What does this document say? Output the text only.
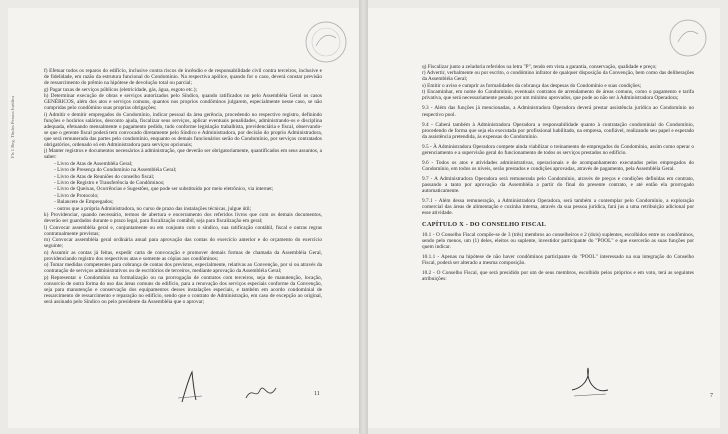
Fls 1 Reg. Títulos Pessoa Jurídica

f) Efetuar todos os reparos do edifício, inclusive contra riscos de incêndio e de responsabilidade civil contra terceiros, inclusive e de fidelidade, em razão da estrutura funcional do Condomínio. Na respectiva apólice, quando for o caso, deverá constar previsão de ressarcimento do prêmio na hipótese de devolução total ou parcial;

g) Pagar taxas de serviços públicos (eletricidade, gás, água, esgoto etc.);

h) Determinar execução de obras e serviços autorizados pelo Síndico, quando ratificados no pelo Assembléia Geral os casos GENÉRICOS, além dos atos e serviços comuns, quantos nos proprios condôminos julgarem, especialmente nesse caso, se não cumpridas pelo condômino suas proprias obrigações;

i) Admitir e demitir empregados do Condomínio, indicar pessoal da área gerência, procedendo no respectivo registro, definindo funções e horários salários, desconto ajuda, fiscalizar seus serviços, aplicar eventuais penalidades, administrando-os e disciplina adequada, efetuando mensalmente o pagamento pedido, tudo conforme legislação trabalhista, previdenciária e fiscal, observando-se que o gerente fiscal poderá tem convocado diretamente pelo Síndico e Administradora, por decisão do proprio Administradora, que será remunerada das partes pelo condomínio, enquanto os demais funcionários serão do Condomínio, por serviços contratados obrigatórios, ordenado só em Administradora para serviços opcionais;

j) Manter registros e documentos necessários à administração, que deverão ser obrigatoriamente, quantificados em seus assuntos, a saber:

- Livro de Atas de Assembléia Geral;

- Livro de Presença do Condomínio na Assembléia Geral;

- Livro de Atas de Reuniões do conselho fiscal;

- Livro de Registro e Transferência de Condôminos;

- Livro de Queixas, Ocorrências e Sugestões, que pode ser substituído por meio eletrônico, via internet;

- Livro de Protocolo;

- Balancete de Empregados;

- outros que a própria Administradora, no curso de prazo das instalações técnicas, julgue útil;

k) Providenciar, quando necessário, termos de abertura e encerramento dos referidos livros que com os demais documentos, deverão ser guardados durante o prazo legal, para fiscalização contábil, seja para fiscalização em geral;

l) Convocar assembléia geral e, conjuntamente ou em conjunto com o síndico, sua ratificação contábil, fiscal e outras regras contratualmente previstas;

m) Convocar assembléia geral ordinária anual para aprovação das contas do exercício anterior e do orçamento do exercício seguinte;

n) Assumir as contas já feitas, expedir carta de convocação e promover demais formas de chamada da Assembléia Geral, providenciando registro dos respectivos atas e somente as cópias aos condôminos;

o) Tomar medidas competentes para cobrança de contas dos previstos, especialmente, relativas ao Convenção, por si ou através da contratação de serviços administrativos ou de escritórios de terceiros, mediante aprovação da Assembléia Geral;

p) Representar o Condomínio na formalização ou na prorrogação de contratos com terceiros, seja de manutenção, locação, consorcio de outra forma do uso das áreas comuns do edifício, para a renovação dos serviços especiais conforme da Convenção, seja para manutenção e conservação dos equipamentos desses instalações especiais, e também em acordo condominial de ressarcimento de ressarcimento e reparação no edifício, sendo que o contrato de Administração, em caso de excepção ao original, será assinado pelo Síndico ou pelo presidente da Assembléia que o aprovar;

11

q) Fiscalizar junto a zeladoria referidos na letra "P", tendo em vista a garantia, conservação, qualidade e preço;

r) Advertir, verbalmente ou por escrito, o condômino infrator de qualquer disposição da Convenção, bem como das deliberações da Assembléia Geral;

s) Emitir o aviso e cumprir as formalidades da cobrança das despesas do Condomínio e suas condições;

t) Encaminhar, em nome do Condomínio, eventuais contratos de arrendamento de áreas comuns, como o pagamento e tarifa privativa, que será necessariamente pesado por um mínimo aprovados, que pode ao não ser à Administradora Operadora;

9.3 - Além das funções já mencionadas, a Administradora Operadora deverá prestar assistência jurídica ao Condomínio no respectivo pool.

9.4 - Caberá também à Administradora Operadora a responsabilidade quanto à contratação condominial do Condomínio, procedendo de forma que seja ela executada por profissional habilitado, na empresa, confiável, realizando seu papel e esperado da assistência pretendida, às expensas do Condomínio.

9.5 - À Administradora Operadora compete ainda viabilizar o treinamento de empregados do Condomínio, assim como operar o gerenciamento e a supervisão geral do funcionamento de todos os serviços prestados no edifício.

9.6 - Todos os atos e atividades administrativas, operacionais e de acompanhamento executados pelos empregados do Condomínio, em todos os níveis, serão prestados e condições aprovadas, através de pagamento, pela Assembléia Geral.

9.7 - A Administradora Operadora será remunerada pelo Condomínio, através de preços e condições definidas em contrato, passando a tanto por aprovação da Assembléia a partir do final do presente contrato, e até então ela prorrogado automaticamente.

9.7.1 - Além dessa remuneração, a Administradora Operadora, será também a contemplar pelo Condomínio, a exploração comercial das áreas de alimentação e cozinha interna, através da sua pessoa jurídica, fará jus a uma retribuição adicional por esse atividade.

CAPÍTULO X - DO CONSELHO FISCAL

10.1 - O Conselho Fiscal compõe-se de 3 (três) membros ao conselheiros e 2 (dois) suplentes, escolhidos entre os condôminos, sendo pelo menos, um (1) deles, eleitos ou suplente, investidor participante do "POOL" e que exercerão as suas funções por quem indicar.

10.1.1 - Apenas na hipótese de não haver condôminos participante do "POOL" interessado na sua integração do Conselho Fiscal, poderá ser alterado a mesma composição.

10.2 - O Conselho Fiscal, que será presidido por um de seus membros, escolhido pelos próprios e em voto, terá as seguintes atribuições:

7
